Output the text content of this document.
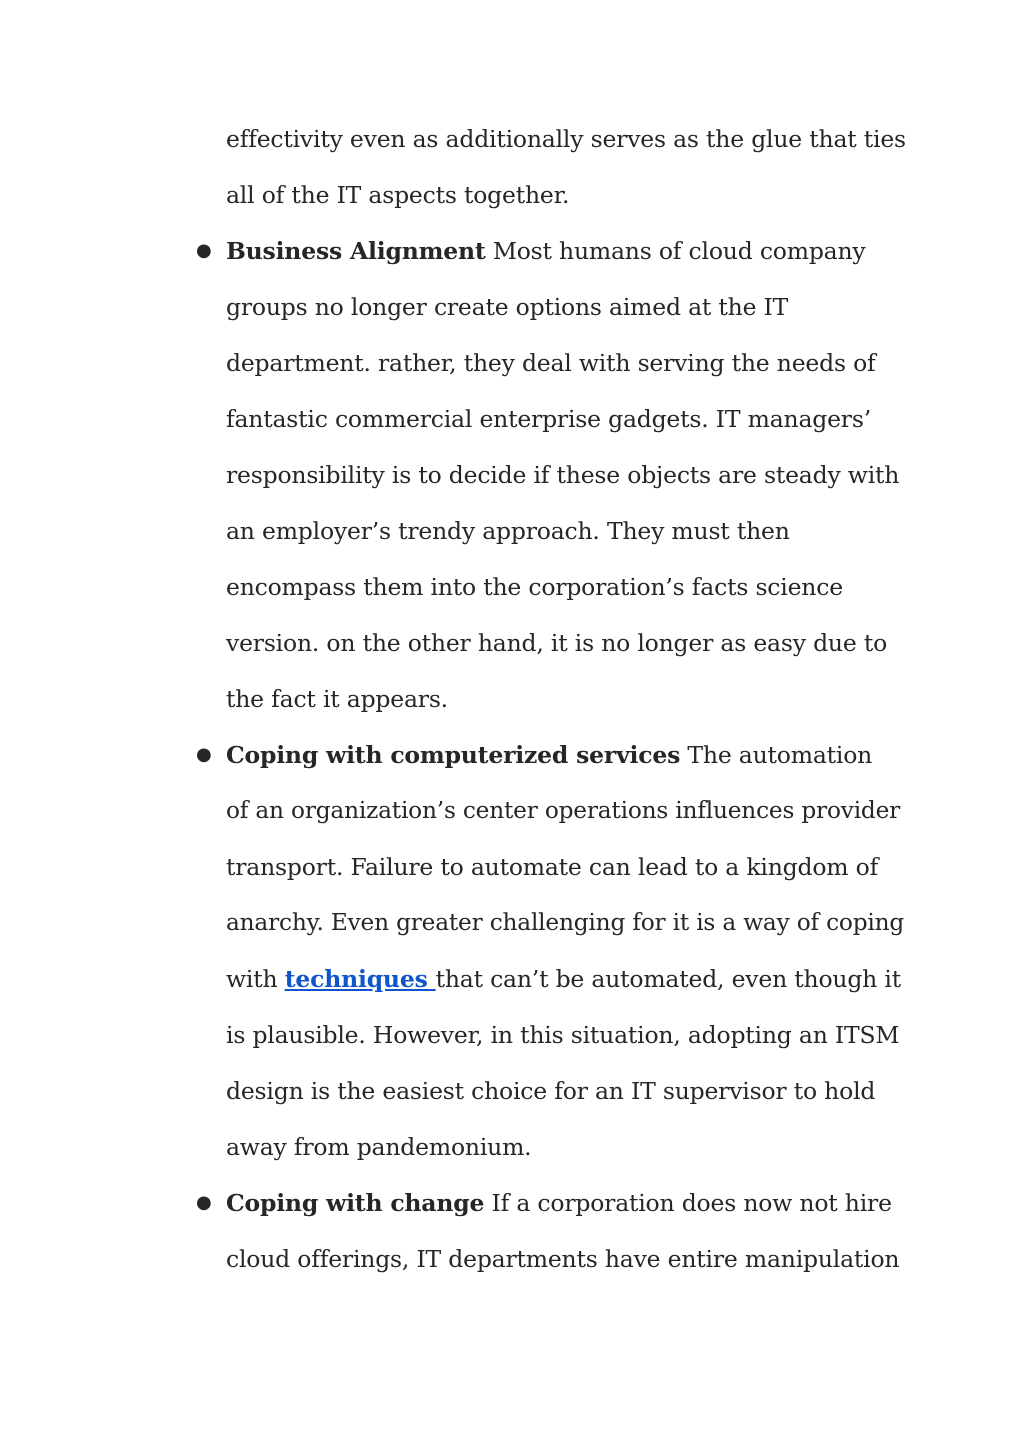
effectivity even as additionally serves as the glue that ties
all of the IT aspects together.
● Business Alignment Most humans of cloud company
groups no longer create options aimed at the IT
department. rather, they deal with serving the needs of
fantastic commercial enterprise gadgets. IT managers’
responsibility is to decide if these objects are steady with
an employer’s trendy approach. They must then
encompass them into the corporation’s facts science
version. on the other hand, it is no longer as easy due to
the fact it appears.
● Coping with computerized services The automation
of an organization’s center operations influences provider
transport. Failure to automate can lead to a kingdom of
anarchy. Even greater challenging for it is a way of coping
with techniques that can’t be automated, even though it
is plausible. However, in this situation, adopting an ITSM
design is the easiest choice for an IT supervisor to hold
away from pandemonium.
● Coping with change If a corporation does now not hire
cloud offerings, IT departments have entire manipulation
